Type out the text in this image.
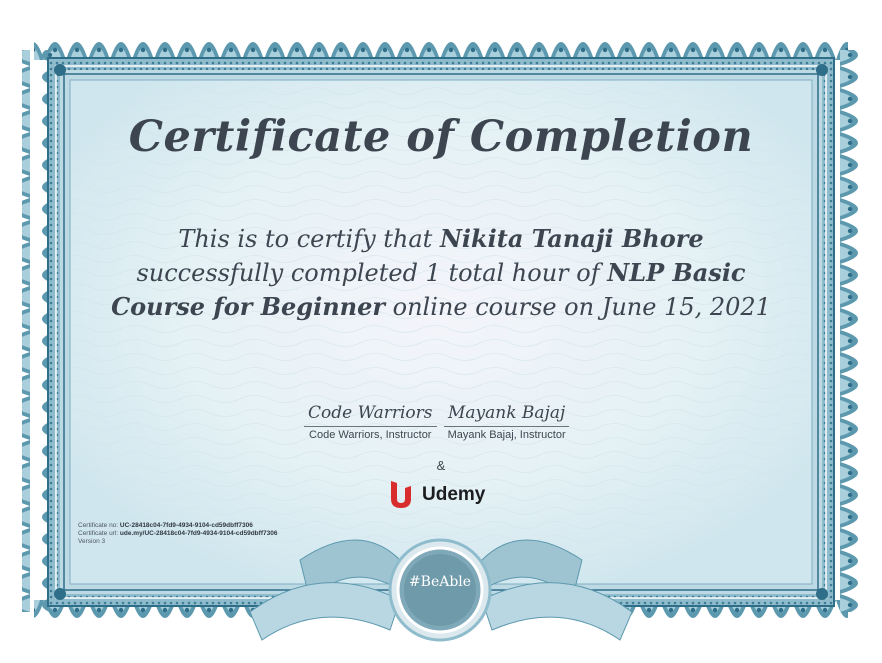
Certificate of Completion
This is to certify that Nikita Tanaji Bhore successfully completed 1 total hour of NLP Basic Course for Beginner online course on June 15, 2021
Code Warriors
Code Warriors, Instructor
Mayank Bajaj
Mayank Bajaj, Instructor
&
Udemy
Certificate no: UC-28418c04-7fd9-4934-9104-cd59dbff7306
Certificate url: ude.my/UC-28418c04-7fd9-4934-9104-cd59dbff7306
Version 3
#BeAble
